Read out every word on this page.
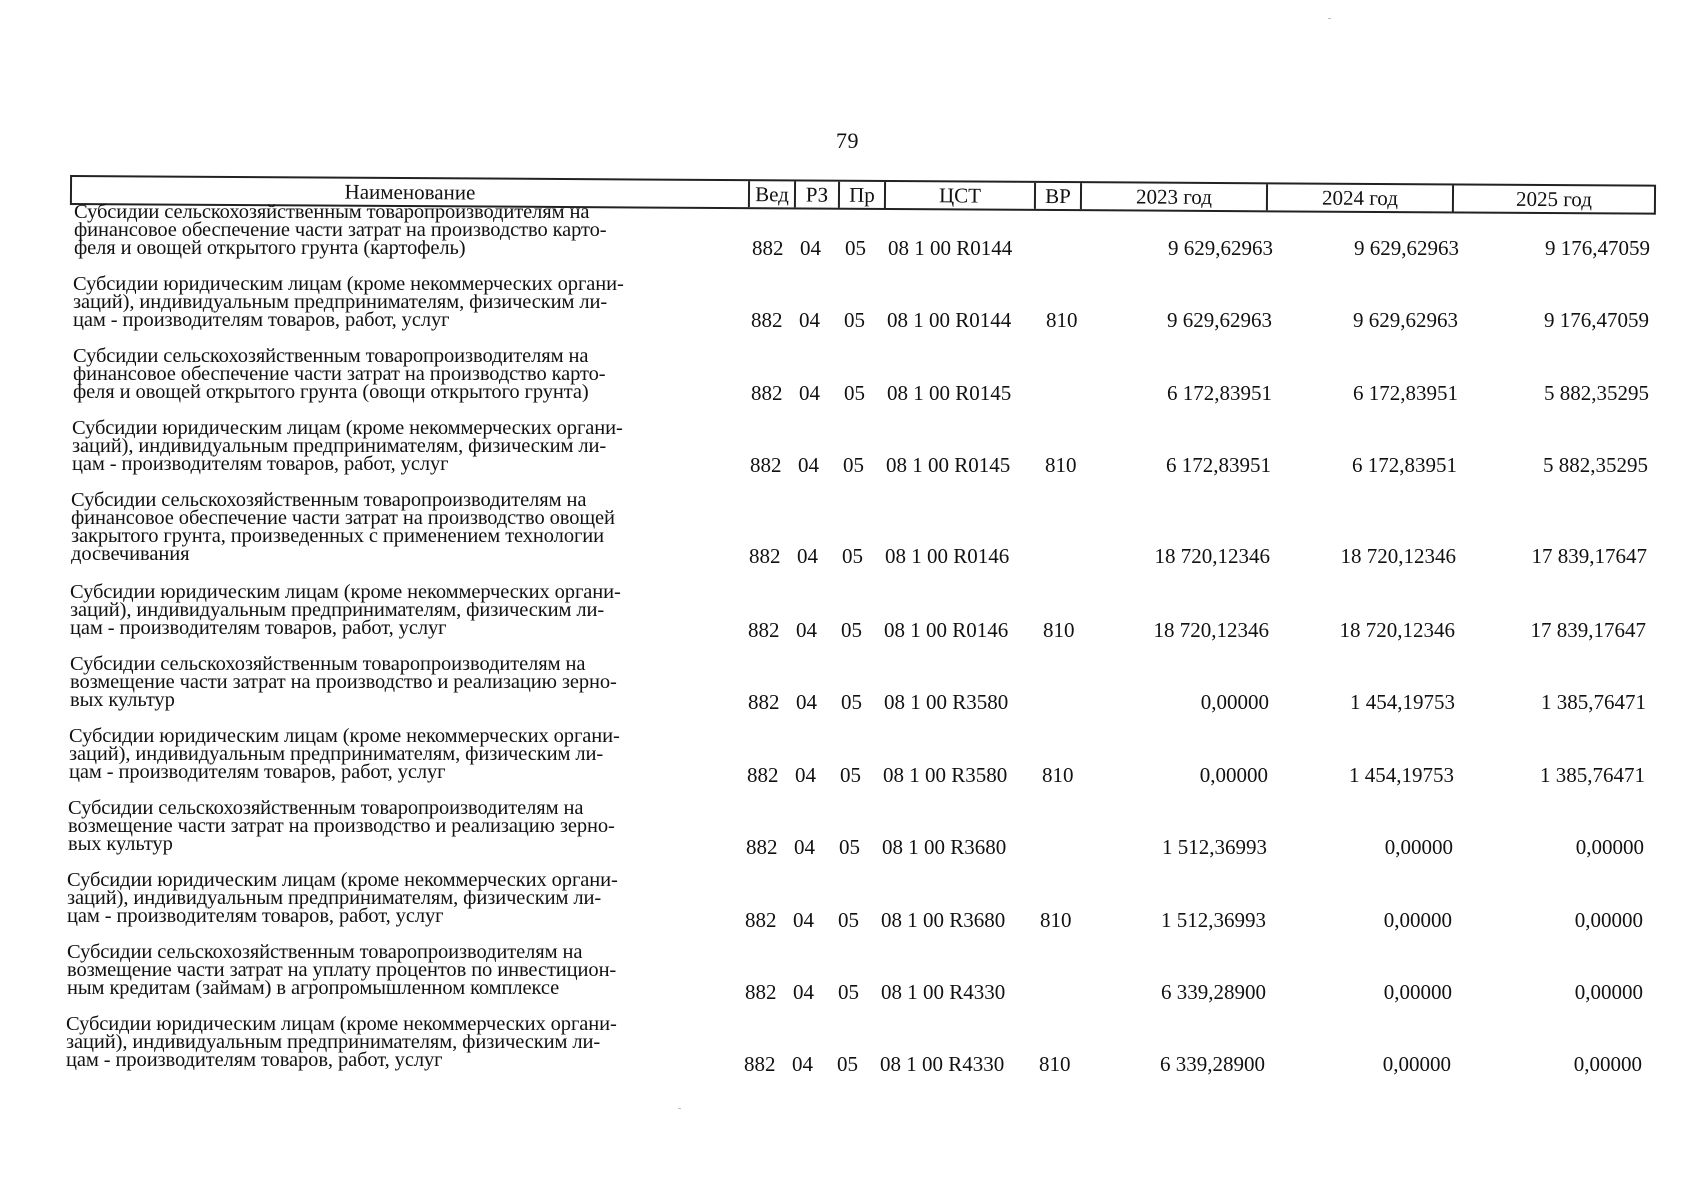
79
Наименование	Вед РЗ Пр	ЦСТ	ВР	2023 год	2024 год	2025 год
Субсидии сельскохозяйственным товаропроизводителям на
финансовое обеспечение части затрат на производство карто-
феля и овощей открытого грунта (картофель)	882 04 05 08 1 00 R0144	9 629,62963	9 629,62963	9 176,47059
Субсидии юридическим лицам (кроме некоммерческих органи-
заций), индивидуальным предпринимателям, физическим ли-
цам - производителям товаров, работ, услуг	882 04 05 08 1 00 R0144 810	9 629,62963	9 629,62963	9 176,47059
Субсидии сельскохозяйственным товаропроизводителям на
финансовое обеспечение части затрат на производство карто-
феля и овощей открытого грунта (овощи открытого грунта)	882 04 05 08 1 00 R0145	6 172,83951	6 172,83951	5 882,35295
Субсидии юридическим лицам (кроме некоммерческих органи-
заций), индивидуальным предпринимателям, физическим ли-
цам - производителям товаров, работ, услуг	882 04 05 08 1 00 R0145 810	6 172,83951	6 172,83951	5 882,35295
Субсидии сельскохозяйственным товаропроизводителям на
финансовое обеспечение части затрат на производство овощей
закрытого грунта, произведенных с применением технологии
досвечивания	882 04 05 08 1 00 R0146	18 720,12346	18 720,12346	17 839,17647
Субсидии юридическим лицам (кроме некоммерческих органи-
заций), индивидуальным предпринимателям, физическим ли-
цам - производителям товаров, работ, услуг	882 04 05 08 1 00 R0146 810	18 720,12346	18 720,12346	17 839,17647
Субсидии сельскохозяйственным товаропроизводителям на
возмещение части затрат на производство и реализацию зерно-
вых культур	882 04 05 08 1 00 R3580	0,00000	1 454,19753	1 385,76471
Субсидии юридическим лицам (кроме некоммерческих органи-
заций), индивидуальным предпринимателям, физическим ли-
цам - производителям товаров, работ, услуг	882 04 05 08 1 00 R3580 810	0,00000	1 454,19753	1 385,76471
Субсидии сельскохозяйственным товаропроизводителям на
возмещение части затрат на производство и реализацию зерно-
вых культур	882 04 05 08 1 00 R3680	1 512,36993	0,00000	0,00000
Субсидии юридическим лицам (кроме некоммерческих органи-
заций), индивидуальным предпринимателям, физическим ли-
цам - производителям товаров, работ, услуг	882 04 05 08 1 00 R3680 810	1 512,36993	0,00000	0,00000
Субсидии сельскохозяйственным товаропроизводителям на
возмещение части затрат на уплату процентов по инвестицион-
ным кредитам (займам) в агропромышленном комплексе	882 04 05 08 1 00 R4330	6 339,28900	0,00000	0,00000
Субсидии юридическим лицам (кроме некоммерческих органи-
заций), индивидуальным предпринимателям, физическим ли-
цам - производителям товаров, работ, услуг	882 04 05 08 1 00 R4330 810	6 339,28900	0,00000	0,00000
